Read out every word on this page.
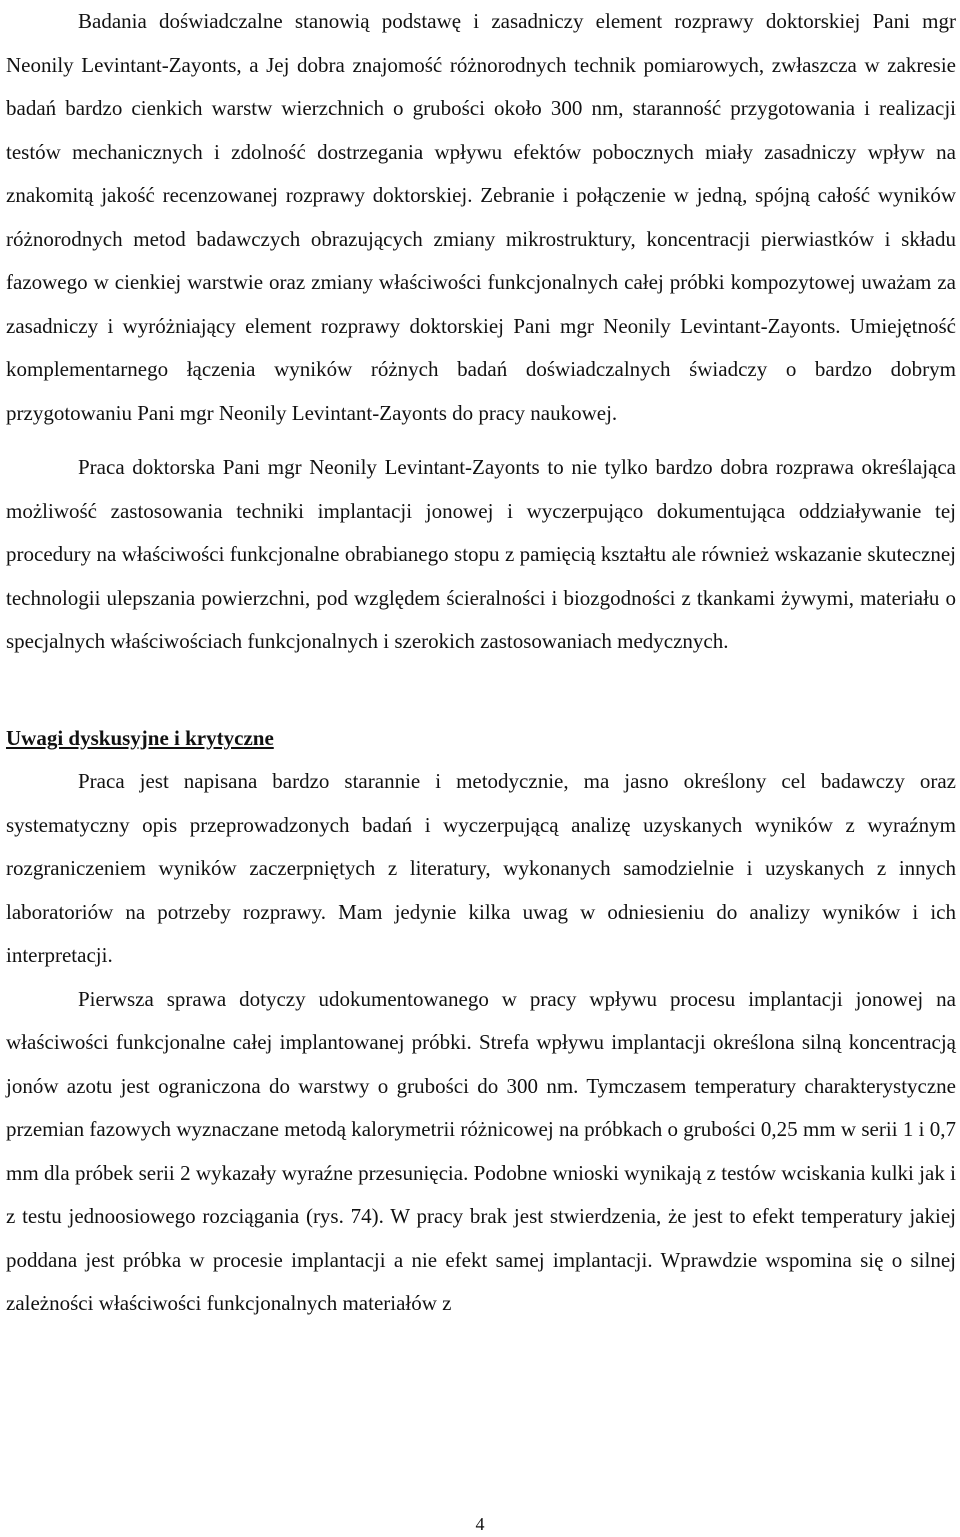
Badania doświadczalne stanowią podstawę i zasadniczy element rozprawy doktorskiej Pani mgr Neonily Levintant-Zayonts, a Jej dobra znajomość różnorodnych technik pomiarowych, zwłaszcza w zakresie badań bardzo cienkich warstw wierzchnich o grubości około 300 nm, staranność przygotowania i realizacji testów mechanicznych i zdolność dostrzegania wpływu efektów pobocznych miały zasadniczy wpływ na znakomitą jakość recenzowanej rozprawy doktorskiej. Zebranie i połączenie w jedną, spójną całość wyników różnorodnych metod badawczych obrazujących zmiany mikrostruktury, koncentracji pierwiastków i składu fazowego w cienkiej warstwie oraz zmiany właściwości funkcjonalnych całej próbki kompozytowej uważam za zasadniczy i wyróżniający element rozprawy doktorskiej Pani mgr Neonily Levintant-Zayonts. Umiejętność komplementarnego łączenia wyników różnych badań doświadczalnych świadczy o bardzo dobrym przygotowaniu Pani mgr Neonily Levintant-Zayonts do pracy naukowej.

Praca doktorska Pani mgr Neonily Levintant-Zayonts to nie tylko bardzo dobra rozprawa określająca możliwość zastosowania techniki implantacji jonowej i wyczerpująco dokumentująca oddziaływanie tej procedury na właściwości funkcjonalne obrabianego stopu z pamięcią kształtu ale również wskazanie skutecznej technologii ulepszania powierzchni, pod względem ścieralności i biozgodności z tkankami żywymi, materiału o specjalnych właściwościach funkcjonalnych i szerokich zastosowaniach medycznych.

Uwagi dyskusyjne i krytyczne

Praca jest napisana bardzo starannie i metodycznie, ma jasno określony cel badawczy oraz systematyczny opis przeprowadzonych badań i wyczerpującą analizę uzyskanych wyników z wyraźnym rozgraniczeniem wyników zaczerpniętych z literatury, wykonanych samodzielnie i uzyskanych z innych laboratoriów na potrzeby rozprawy. Mam jedynie kilka uwag w odniesieniu do analizy wyników i ich interpretacji.

Pierwsza sprawa dotyczy udokumentowanego w pracy wpływu procesu implantacji jonowej na właściwości funkcjonalne całej implantowanej próbki. Strefa wpływu implantacji określona silną koncentracją jonów azotu jest ograniczona do warstwy o grubości do 300 nm. Tymczasem temperatury charakterystyczne przemian fazowych wyznaczane metodą kalorymetrii różnicowej na próbkach o grubości 0,25 mm w serii 1 i 0,7 mm dla próbek serii 2 wykazały wyraźne przesunięcia. Podobne wnioski wynikają z testów wciskania kulki jak i z testu jednoosiowego rozciągania (rys. 74). W pracy brak jest stwierdzenia, że jest to efekt temperatury jakiej poddana jest próbka w procesie implantacji a nie efekt samej implantacji. Wprawdzie wspomina się o silnej zależności właściwości funkcjonalnych materiałów z

4
